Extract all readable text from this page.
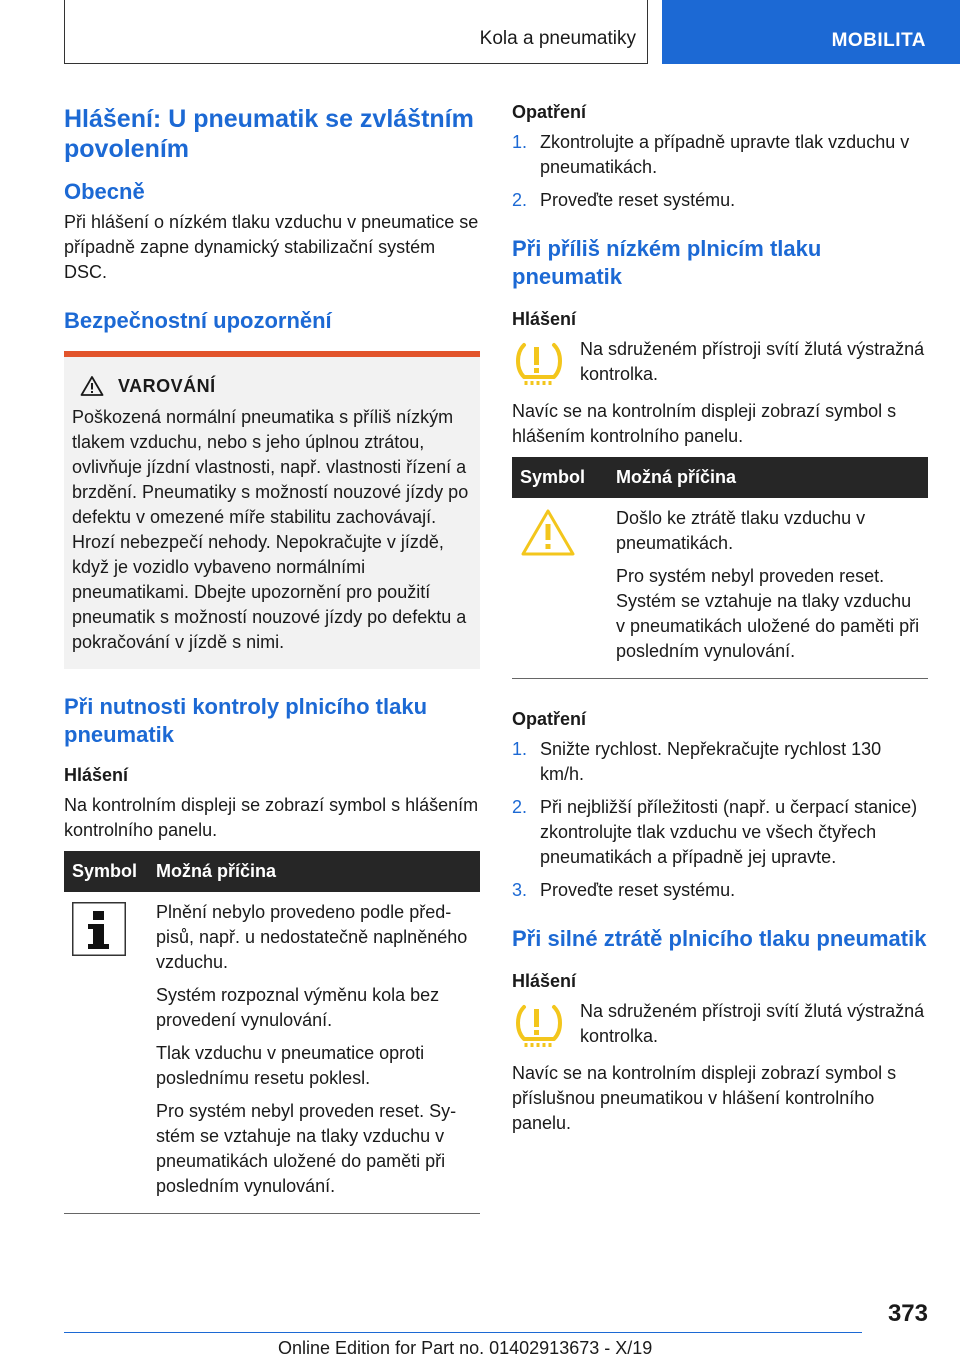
Kola a pneumatiky	MOBILITA
Hlášení: U pneumatik se zvláštním povolením
Obecně

Při hlášení o nízkém tlaku vzduchu v pneumatice se případně zapne dynamický stabilizační systém DSC.

Bezpečnostní upozornění
VAROVÁNÍ

Poškozená normální pneumatika s příliš nízkým tlakem vzduchu, nebo s jeho úplnou ztrátou, ovlivňuje jízdní vlastnosti, např. vlastnosti řízení a brzdění. Pneumatiky s možností nouzové jízdy po defektu v omezené míře stabilitu zachovávají. Hrozí nebezpečí nehody. Nepokračujte v jízdě, když je vozidlo vybaveno normálními pneumatikami. Dbejte upozornění pro použití pneumatik s možností nouzové jízdy po defektu a pokračování v jízdě s nimi.

Při nutnosti kontroly plnicího tlaku pneumatik
Hlášení

Na kontrolním displeji se zobrazí symbol s hlášením kontrolního panelu.

Symbol	Možná příčina

Plnění nebylo provedeno podle předpisů, např. u nedostatečně naplněného vzduchu.

Systém rozpoznal výměnu kola bez provedení vynulování.

Tlak vzduchu v pneumatice oproti poslednímu resetu poklesl.

Pro systém nebyl proveden reset. Systém se vztahuje na tlaky vzduchu v pneumatikách uložené do paměti při posledním vynulování.

Opatření
1. Zkontrolujte a případně upravte tlak vzduchu v pneumatikách.
2. Proveďte reset systému.
Při příliš nízkém plnicím tlaku pneumatik
Hlášení

Na sdruženém přístroji svítí žlutá výstražná kontrolka.

Navíc se na kontrolním displeji zobrazí symbol s hlášením kontrolního panelu.

Symbol	Možná příčina

Došlo ke ztrátě tlaku vzduchu v pneumatikách.

Pro systém nebyl proveden reset. Systém se vztahuje na tlaky vzduchu v pneumatikách uložené do paměti při posledním vynulování.

Opatření
1. Snižte rychlost. Nepřekračujte rychlost 130 km/h.
2. Při nejbližší příležitosti (např. u čerpací stanice) zkontrolujte tlak vzduchu ve všech čtyřech pneumatikách a případně jej upravte.
3. Proveďte reset systému.
Při silné ztrátě plnicího tlaku pneumatik
Hlášení

Na sdruženém přístroji svítí žlutá výstražná kontrolka.

Navíc se na kontrolním displeji zobrazí symbol s příslušnou pneumatikou v hlášení kontrolního panelu.

373
Online Edition for Part no. 01402913673 - X/19
